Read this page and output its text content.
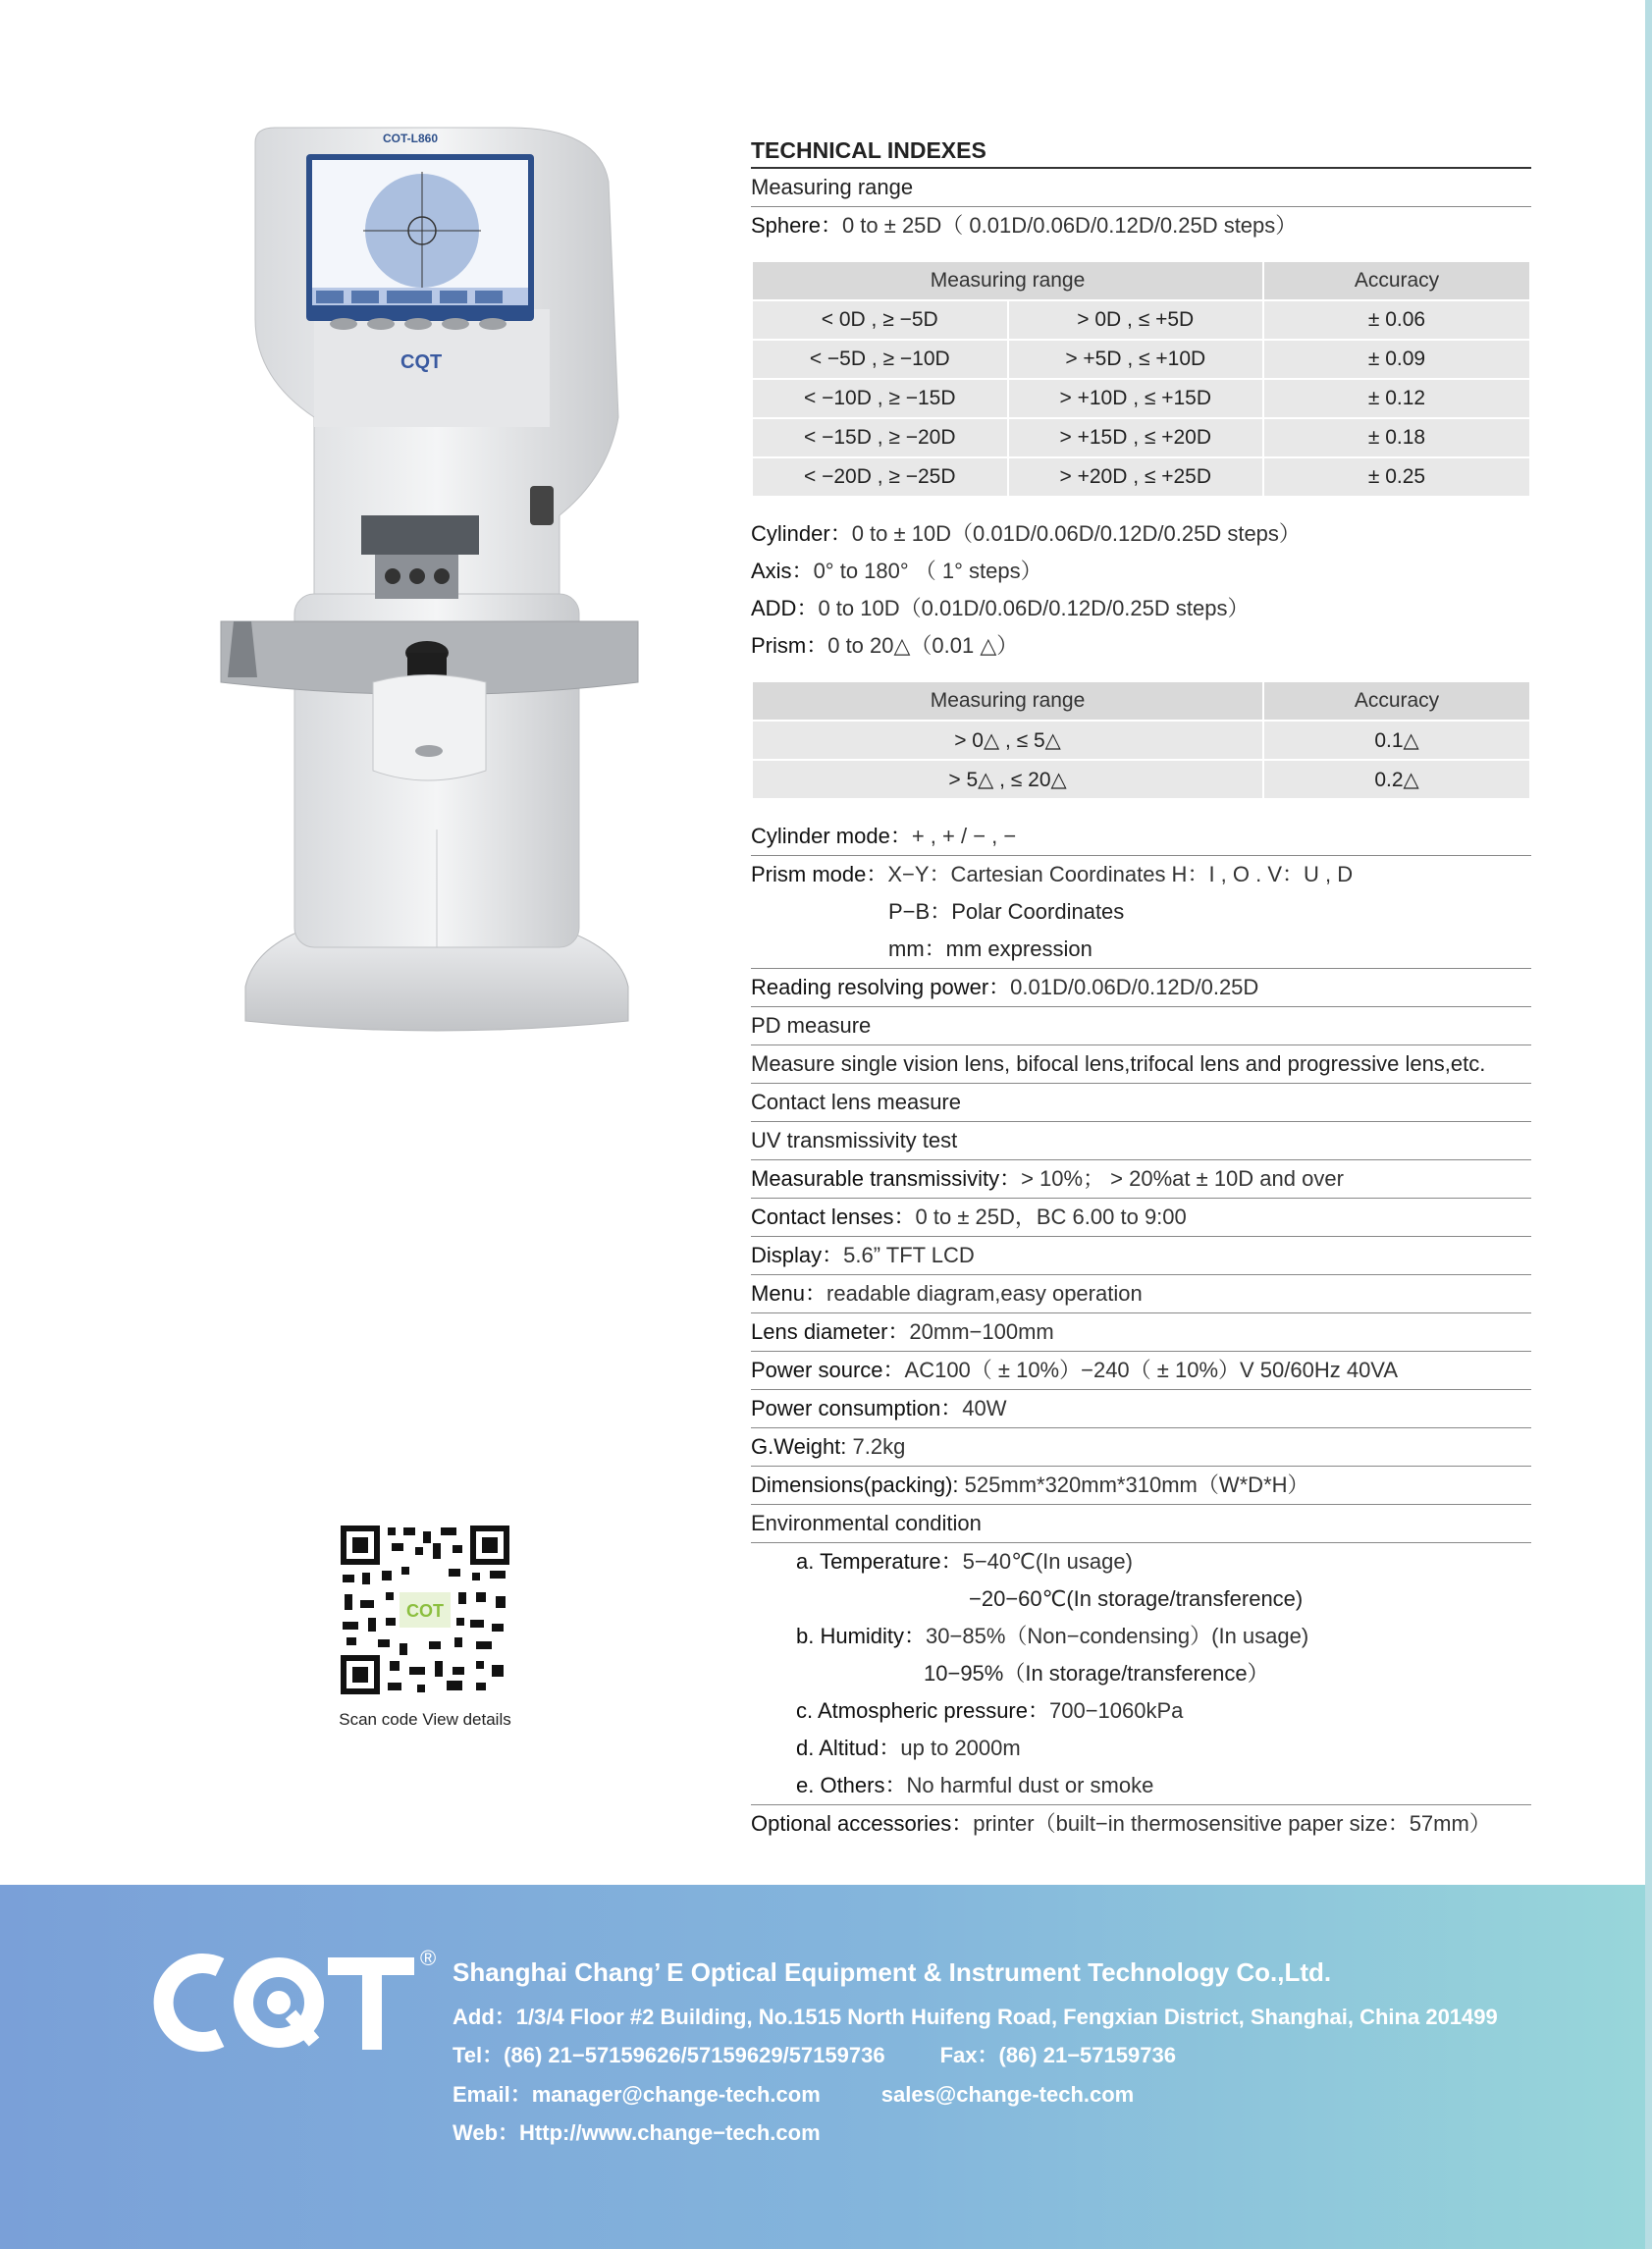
COT-L860
CQT
TECHNICAL INDEXES
Measuring range
Sphere：0 to ± 25D（ 0.01D/0.06D/0.12D/0.25D steps）
Measuring range		Accuracy
< 0D , ≥ −5D	> 0D , ≤ +5D	± 0.06
< −5D , ≥ −10D	> +5D , ≤ +10D	± 0.09
< −10D , ≥ −15D	> +10D , ≤ +15D	± 0.12
< −15D , ≥ −20D	> +15D , ≤ +20D	± 0.18
< −20D , ≥ −25D	> +20D , ≤ +25D	± 0.25
Cylinder：0 to ± 10D（0.01D/0.06D/0.12D/0.25D steps）
Axis：0° to 180° （ 1° steps）
ADD：0 to 10D（0.01D/0.06D/0.12D/0.25D steps）
Prism：0 to 20△（0.01 △）
Measuring range	Accuracy
> 0△ , ≤ 5△	0.1△
> 5△ , ≤ 20△	0.2△
Cylinder mode：+ , + / − , −
Prism mode：X−Y：Cartesian Coordinates H：I , O . V：U , D
P−B：Polar Coordinates
mm：mm expression
Reading resolving power：0.01D/0.06D/0.12D/0.25D
PD measure
Measure single vision lens, bifocal lens,trifocal lens and progressive lens,etc.
Contact lens measure
UV transmissivity test
Measurable transmissivity：> 10%； > 20%at ± 10D and over
Contact lenses：0 to ± 25D，BC 6.00 to 9:00
Display：5.6” TFT LCD
Menu：readable diagram,easy operation
Lens diameter：20mm−100mm
Power source：AC100（ ± 10%）−240（ ± 10%）V 50/60Hz 40VA
Power consumption：40W
G.Weight: 7.2kg
Dimensions(packing): 525mm*320mm*310mm（W*D*H）
Environmental condition
a. Temperature：5−40℃(In usage)
−20−60℃(In storage/transference)
b. Humidity：30−85%（Non−condensing）(In usage)
10−95%（In storage/transference）
c. Atmospheric pressure：700−1060kPa
d. Altitud：up to 2000m
e. Others：No harmful dust or smoke
Optional accessories：printer（built−in thermosensitive paper size：57mm）
COT
Scan code View details
® Shanghai Chang’ E Optical Equipment & Instrument Technology Co.,Ltd.
Add：1/3/4 Floor #2 Building, No.1515 North Huifeng Road, Fengxian District, Shanghai, China 201499
Tel：(86) 21−57159626/57159629/57159736	Fax：(86) 21−57159736
Email：manager@change-tech.com	sales@change-tech.com
Web：Http://www.change−tech.com
